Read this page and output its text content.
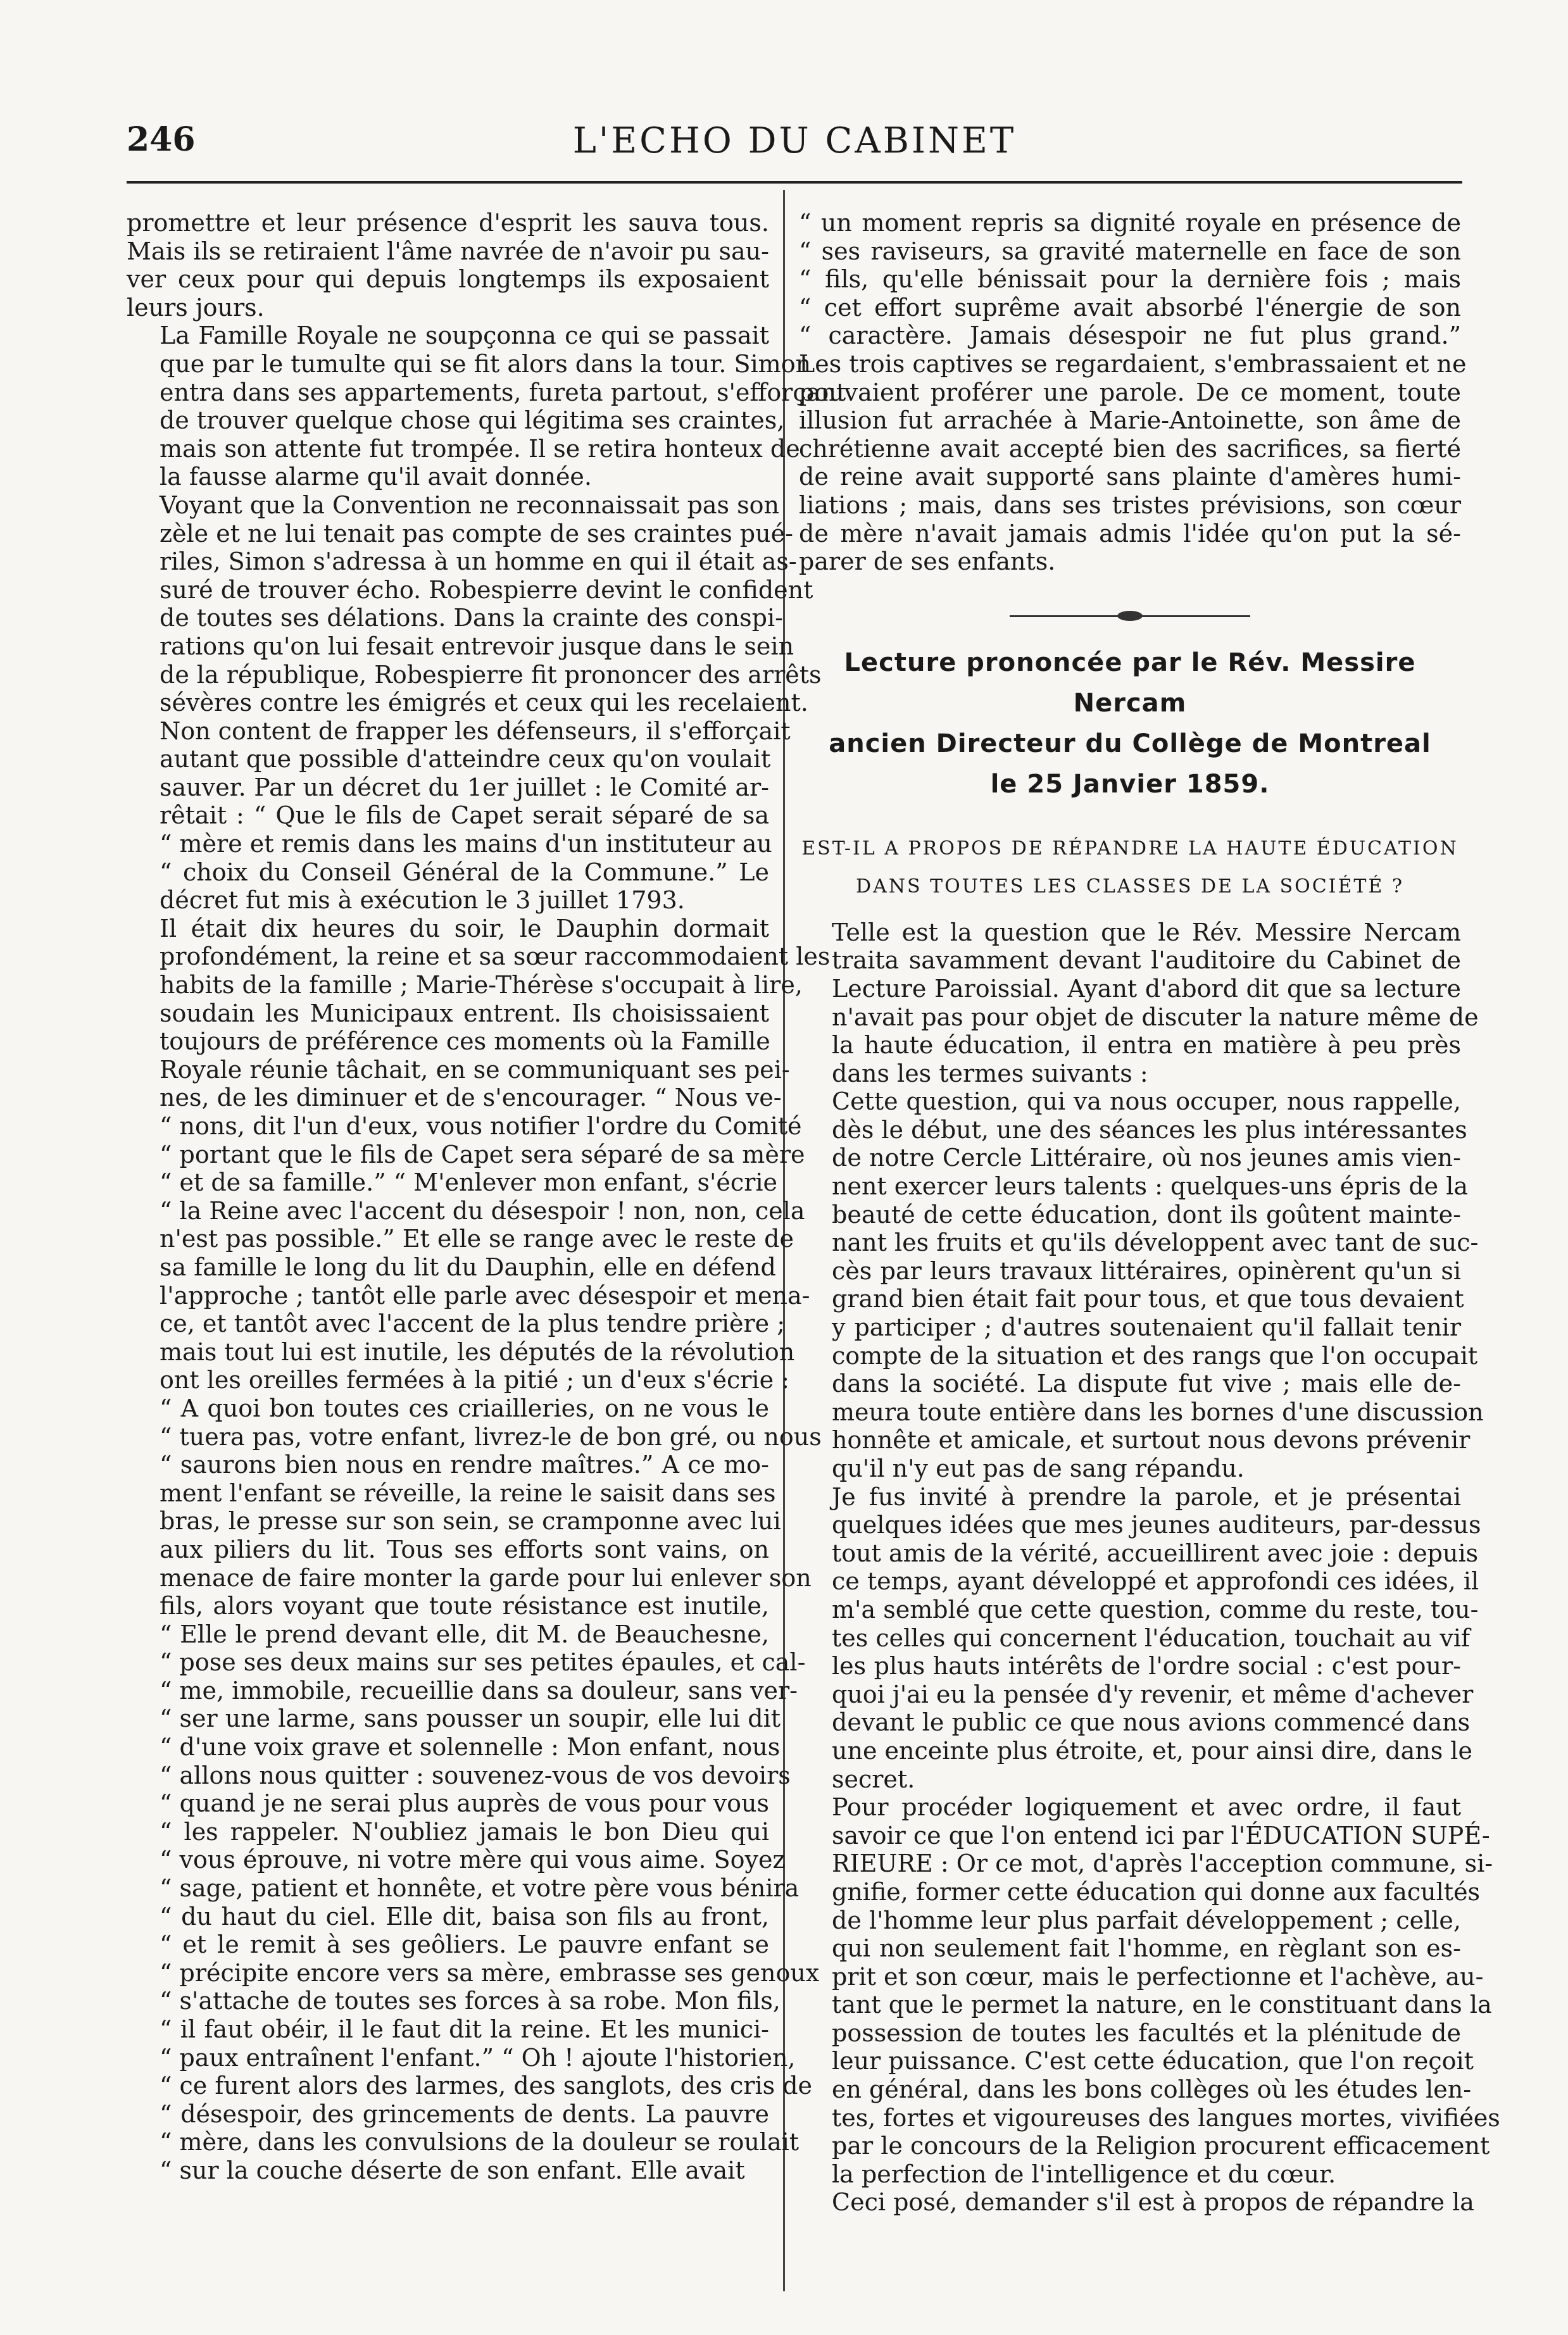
246	L'ECHO DU CABINET

promettre et leur présence d'esprit les sauva tous.
Mais ils se retiraient l'âme navrée de n'avoir pu sau-
ver ceux pour qui depuis longtemps ils exposaient
leurs jours.

La Famille Royale ne soupçonna ce qui se passait
que par le tumulte qui se fit alors dans la tour. Simon
entra dans ses appartements, fureta partout, s'efforçant
de trouver quelque chose qui légitima ses craintes,
mais son attente fut trompée. Il se retira honteux de
la fausse alarme qu'il avait donnée.

Voyant que la Convention ne reconnaissait pas son
zèle et ne lui tenait pas compte de ses craintes pué-
riles, Simon s'adressa à un homme en qui il était as-
suré de trouver écho. Robespierre devint le confident
de toutes ses délations. Dans la crainte des conspi-
rations qu'on lui fesait entrevoir jusque dans le sein
de la république, Robespierre fit prononcer des arrêts
sévères contre les émigrés et ceux qui les recelaient.
Non content de frapper les défenseurs, il s'efforçait
autant que possible d'atteindre ceux qu'on voulait
sauver. Par un décret du 1er juillet : le Comité ar-
rêtait : “ Que le fils de Capet serait séparé de sa
“ mère et remis dans les mains d'un instituteur au
“ choix du Conseil Général de la Commune.” Le
décret fut mis à exécution le 3 juillet 1793.

Il était dix heures du soir, le Dauphin dormait
profondément, la reine et sa sœur raccommodaient les
habits de la famille ; Marie-Thérèse s'occupait à lire,
soudain les Municipaux entrent. Ils choisissaient
toujours de préférence ces moments où la Famille
Royale réunie tâchait, en se communiquant ses pei-
nes, de les diminuer et de s'encourager. “ Nous ve-
“ nons, dit l'un d'eux, vous notifier l'ordre du Comité
“ portant que le fils de Capet sera séparé de sa mère
“ et de sa famille.” “ M'enlever mon enfant, s'écrie
“ la Reine avec l'accent du désespoir ! non, non, cela
n'est pas possible.” Et elle se range avec le reste de
sa famille le long du lit du Dauphin, elle en défend
l'approche ; tantôt elle parle avec désespoir et mena-
ce, et tantôt avec l'accent de la plus tendre prière ;
mais tout lui est inutile, les députés de la révolution
ont les oreilles fermées à la pitié ; un d'eux s'écrie :
“ A quoi bon toutes ces criailleries, on ne vous le
“ tuera pas, votre enfant, livrez-le de bon gré, ou nous
“ saurons bien nous en rendre maîtres.” A ce mo-
ment l'enfant se réveille, la reine le saisit dans ses
bras, le presse sur son sein, se cramponne avec lui
aux piliers du lit. Tous ses efforts sont vains, on
menace de faire monter la garde pour lui enlever son
fils, alors voyant que toute résistance est inutile,
“ Elle le prend devant elle, dit M. de Beauchesne,
“ pose ses deux mains sur ses petites épaules, et cal-
“ me, immobile, recueillie dans sa douleur, sans ver-
“ ser une larme, sans pousser un soupir, elle lui dit
“ d'une voix grave et solennelle : Mon enfant, nous
“ allons nous quitter : souvenez-vous de vos devoirs
“ quand je ne serai plus auprès de vous pour vous
“ les rappeler. N'oubliez jamais le bon Dieu qui
“ vous éprouve, ni votre mère qui vous aime. Soyez
“ sage, patient et honnête, et votre père vous bénira
“ du haut du ciel. Elle dit, baisa son fils au front,
“ et le remit à ses geôliers. Le pauvre enfant se
“ précipite encore vers sa mère, embrasse ses genoux
“ s'attache de toutes ses forces à sa robe. Mon fils,
“ il faut obéir, il le faut dit la reine. Et les munici-
“ paux entraînent l'enfant.” “ Oh ! ajoute l'historien,
“ ce furent alors des larmes, des sanglots, des cris de
“ désespoir, des grincements de dents. La pauvre
“ mère, dans les convulsions de la douleur se roulait
“ sur la couche déserte de son enfant. Elle avait

“ un moment repris sa dignité royale en présence de
“ ses raviseurs, sa gravité maternelle en face de son
“ fils, qu'elle bénissait pour la dernière fois ; mais
“ cet effort suprême avait absorbé l'énergie de son
“ caractère. Jamais désespoir ne fut plus grand.”
Les trois captives se regardaient, s'embrassaient et ne
pouvaient proférer une parole. De ce moment, toute
illusion fut arrachée à Marie-Antoinette, son âme de
chrétienne avait accepté bien des sacrifices, sa fierté
de reine avait supporté sans plainte d'amères humi-
liations ; mais, dans ses tristes prévisions, son cœur
de mère n'avait jamais admis l'idée qu'on put la sé-
parer de ses enfants.

Lecture prononcée par le Rév. Messire Nercam
ancien Directeur du Collège de Montreal
le 25 Janvier 1859.
EST-IL A PROPOS DE RÉPANDRE LA HAUTE ÉDUCATION
DANS TOUTES LES CLASSES DE LA SOCIÉTÉ ?

Telle est la question que le Rév. Messire Nercam
traita savamment devant l'auditoire du Cabinet de
Lecture Paroissial. Ayant d'abord dit que sa lecture
n'avait pas pour objet de discuter la nature même de
la haute éducation, il entra en matière à peu près
dans les termes suivants :

Cette question, qui va nous occuper, nous rappelle,
dès le début, une des séances les plus intéressantes
de notre Cercle Littéraire, où nos jeunes amis vien-
nent exercer leurs talents : quelques-uns épris de la
beauté de cette éducation, dont ils goûtent mainte-
nant les fruits et qu'ils développent avec tant de suc-
cès par leurs travaux littéraires, opinèrent qu'un si
grand bien était fait pour tous, et que tous devaient
y participer ; d'autres soutenaient qu'il fallait tenir
compte de la situation et des rangs que l'on occupait
dans la société. La dispute fut vive ; mais elle de-
meura toute entière dans les bornes d'une discussion
honnête et amicale, et surtout nous devons prévenir
qu'il n'y eut pas de sang répandu.

Je fus invité à prendre la parole, et je présentai
quelques idées que mes jeunes auditeurs, par-dessus
tout amis de la vérité, accueillirent avec joie : depuis
ce temps, ayant développé et approfondi ces idées, il
m'a semblé que cette question, comme du reste, tou-
tes celles qui concernent l'éducation, touchait au vif
les plus hauts intérêts de l'ordre social : c'est pour-
quoi j'ai eu la pensée d'y revenir, et même d'achever
devant le public ce que nous avions commencé dans
une enceinte plus étroite, et, pour ainsi dire, dans le
secret.

Pour procéder logiquement et avec ordre, il faut
savoir ce que l'on entend ici par l'ÉDUCATION SUPÉ-
RIEURE : Or ce mot, d'après l'acception commune, si-
gnifie, former cette éducation qui donne aux facultés
de l'homme leur plus parfait développement ; celle,
qui non seulement fait l'homme, en règlant son es-
prit et son cœur, mais le perfectionne et l'achève, au-
tant que le permet la nature, en le constituant dans la
possession de toutes les facultés et la plénitude de
leur puissance. C'est cette éducation, que l'on reçoit
en général, dans les bons collèges où les études len-
tes, fortes et vigoureuses des langues mortes, vivifiées
par le concours de la Religion procurent efficacement
la perfection de l'intelligence et du cœur.

Ceci posé, demander s'il est à propos de répandre la
